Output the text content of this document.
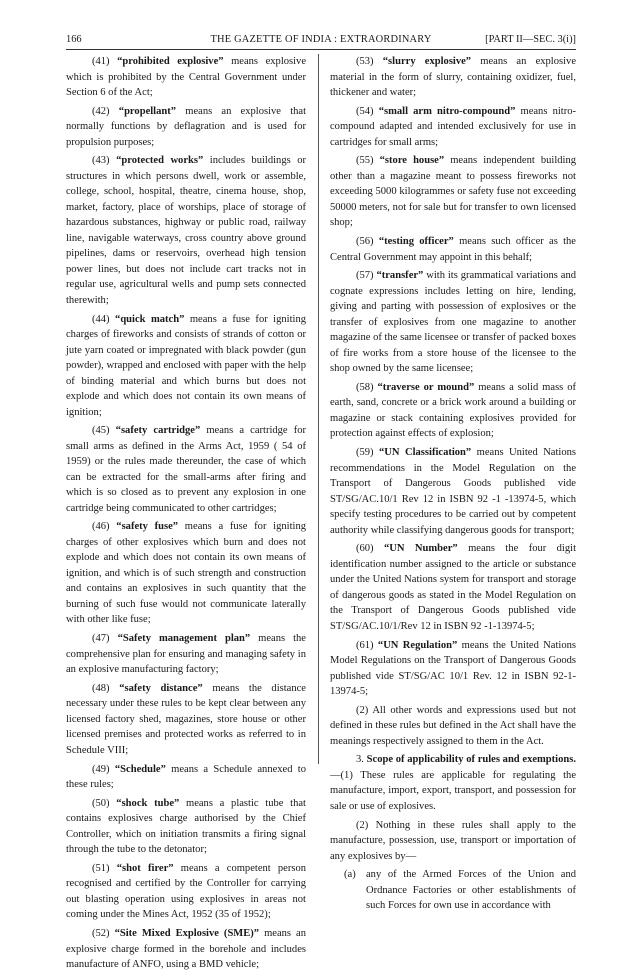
166	THE GAZETTE OF INDIA : EXTRAORDINARY	[PART II—SEC. 3(i)]

(41) “prohibited explosive” means explosive which is prohibited by the Central Government under Section 6 of the Act;

(42) “propellant” means an explosive that normally functions by deflagration and is used for propulsion purposes;

(43) “protected works” includes buildings or structures in which persons dwell, work or assemble, college, school, hospital, theatre, cinema house, shop, market, factory, place of worships, place of storage of hazardous substances, highway or public road, railway line, navigable waterways, cross country above ground pipelines, dams or reservoirs, overhead high tension power lines, but does not include cart tracks not in regular use, agricultural wells and pump sets connected therewith;

(44) “quick match” means a fuse for igniting charges of fireworks and consists of strands of cotton or jute yarn coated or impregnated with black powder (gun powder), wrapped and enclosed with paper with the help of binding material and which burns but does not explode and which does not contain its own means of ignition;

(45) “safety cartridge” means a cartridge for small arms as defined in the Arms Act, 1959 ( 54 of 1959) or the rules made thereunder, the case of which can be extracted for the small-arms after firing and which is so closed as to prevent any explosion in one cartridge being communicated to other cartridges;

(46) “safety fuse” means a fuse for igniting charges of other explosives which burn and does not explode and which does not contain its own means of ignition, and which is of such strength and construction and contains an explosives in such quantity that the burning of such fuse would not communicate laterally with other like fuse;

(47) “Safety management plan” means the comprehensive plan for ensuring and managing safety in an explosive manufacturing factory;

(48) “safety distance” means the distance necessary under these rules to be kept clear between any licensed factory shed, magazines, store house or other licensed premises and protected works as referred to in Schedule VIII;

(49) “Schedule” means a Schedule annexed to these rules;

(50) “shock tube” means a plastic tube that contains explosives charge authorised by the Chief Controller, which on initiation transmits a firing signal through the tube to the detonator;

(51) “shot firer” means a competent person recognised and certified by the Controller for carrying out blasting operation using explosives in areas not coming under the Mines Act, 1952 (35 of 1952);

(52) “Site Mixed Explosive (SME)” means an explosive charge formed in the borehole and includes manufacture of ANFO, using a BMD vehicle;

(53) “slurry explosive” means an explosive material in the form of slurry, containing oxidizer, fuel, thickener and water;

(54) “small arm nitro-compound” means nitro-compound adapted and intended exclusively for use in cartridges for small arms;

(55) “store house” means independent building other than a magazine meant to possess fireworks not exceeding 5000 kilogrammes or safety fuse not exceeding 50000 meters, not for sale but for transfer to own licensed shop;

(56) “testing officer” means such officer as the Central Government may appoint in this behalf;

(57) “transfer” with its grammatical variations and cognate expressions includes letting on hire, lending, giving and parting with possession of explosives or the transfer of explosives from one magazine to another magazine of the same licensee or transfer of packed boxes of fire works from a store house of the licensee to the shop owned by the same licensee;

(58) “traverse or mound” means a solid mass of earth, sand, concrete or a brick work around a building or magazine or stack containing explosives provided for protection against effects of explosion;

(59) “UN Classification” means United Nations recommendations in the Model Regulation on the Transport of Dangerous Goods published vide ST/SG/AC.10/1 Rev 12 in ISBN 92 -1 -13974-5, which specify testing procedures to be carried out by competent authority while classifying dangerous goods for transport;

(60) “UN Number” means the four digit identification number assigned to the article or substance under the United Nations system for transport and storage of dangerous goods as stated in the Model Regulation on the Transport of Dangerous Goods published vide ST/SG/AC.10/1/Rev 12 in ISBN 92 -1-13974-5;

(61) “UN Regulation” means the United Nations Model Regulations on the Transport of Dangerous Goods published vide ST/SG/AC 10/1 Rev. 12 in ISBN 92-1-13974-5;

(2) All other words and expressions used but not defined in these rules but defined in the Act shall have the meanings respectively assigned to them in the Act.

3. Scope of applicability of rules and exemptions.—(1) These rules are applicable for regulating the manufacture, import, export, transport, and possession for sale or use of explosives.

(2) Nothing in these rules shall apply to the manufacture, possession, use, transport or importation of any explosives by—

(a) any of the Armed Forces of the Union and Ordnance Factories or other establishments of such Forces for own use in accordance with
